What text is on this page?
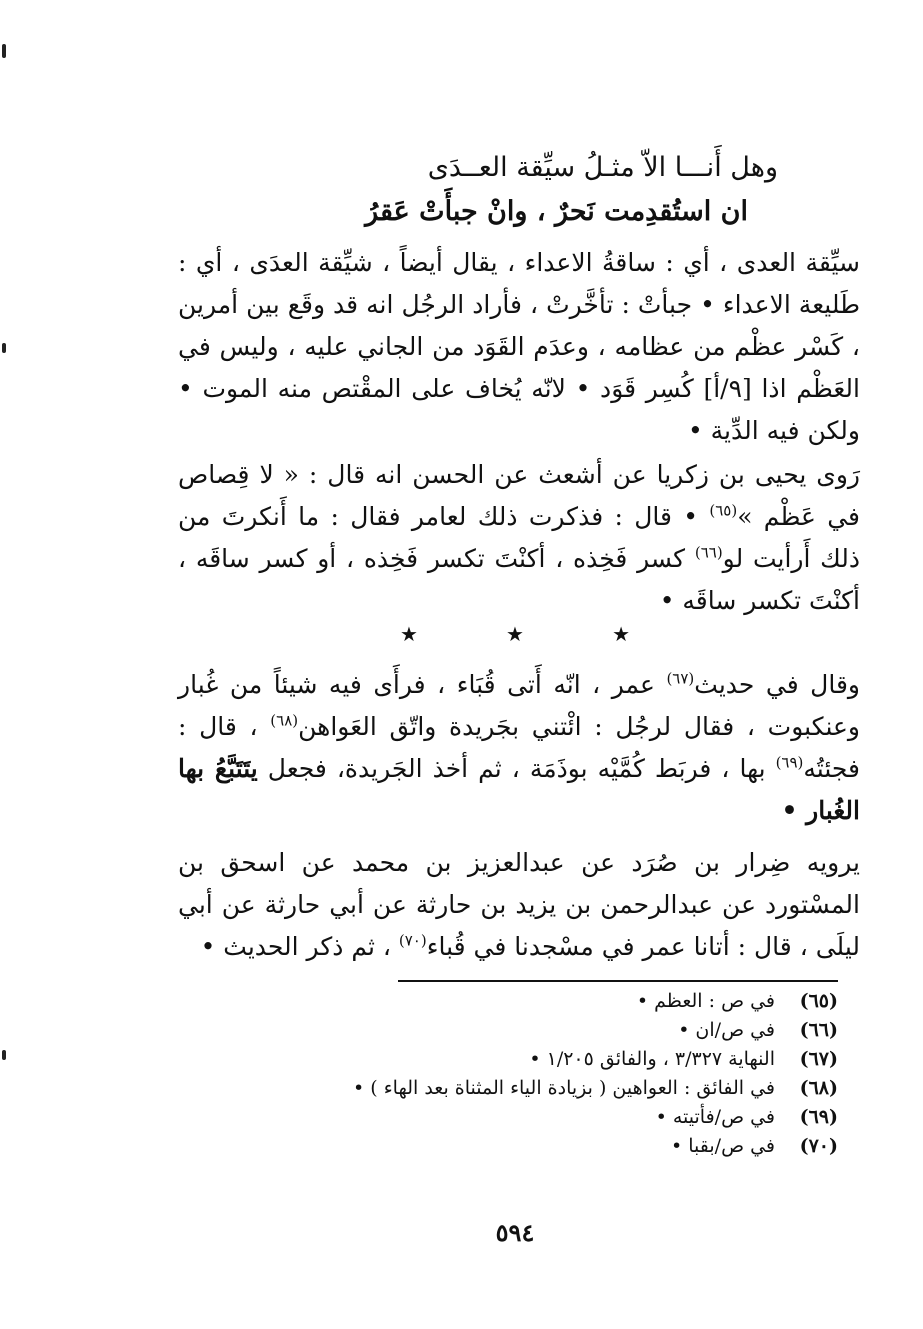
وهل أَنـــا الاّ مثـلُ سيِّقة العــدَى
ان استُقدِمت نَحرٌ ، وانْ جبأَتْ عَقرُ

سيِّقة العدى ، أي : ساقةُ الاعداء ، يقال أيضاً ، شيِّقة العدَى ، أي : طَليعة الاعداء • جبأتْ : تأخَّرتْ ، فأراد الرجُل انه قد وقَع بين أمرين ، كَسْر عظْم من عظامه ، وعدَم القَوَد من الجاني عليه ، وليس في العَظْم اذا [٩/أ] كُسِر قَوَد • لانّه يُخاف على المقْتص منه الموت • ولكن فيه الدِّية •

رَوى يحيى بن زكريا عن أشعث عن الحسن انه قال : « لا قِصاص في عَظْم »$^{(٦٥)}$ • قال : فذكرت ذلك لعامر فقال : ما أَنكرتَ من ذلك أَرأيت لو$^{(٦٦)}$ كسر فَخِذه ، أكنْتَ تكسر فَخِذه ، أو كسر ساقَه ، أكنْتَ تكسر ساقَه •

★	★	★

وقال في حديث$^{(٦٧)}$ عمر ، انّه أَتى قُبَاء ، فرأَى فيه شيئاً من غُبار وعنكبوت ، فقال لرجُل : ائْتني بجَريدة واتّق العَواهن$^{(٦٨)}$ ، قال : فجئتُه$^{(٦٩)}$ بها ، فربَط كُمَّيْه بوذَمَة ، ثم أخذ الجَريدة، فجعل يتَتَبَّعُ بها الغُبار •

يرويه ضِرار بن صُرَد عن عبدالعزيز بن محمد عن اسحق بن المسْتورد عن عبدالرحمن بن يزيد بن حارثة عن أبي حارثة عن أبي ليلَى ، قال : أتانا عمر في مسْجدنا في قُباء$^{(٧٠)}$ ، ثم ذكر الحديث •

(٦٥)
في ص : العظم •
(٦٦)
في ص/ان •
(٦٧)
النهاية ٣/٣٢٧ ، والفائق ١/٢٠٥ •
(٦٨)
في الفائق : العواهين ( بزيادة الياء المثناة بعد الهاء ) •
(٦٩)
في ص/فأتيته •
(٧٠)
في ص/بقبا •
٥٩٤
